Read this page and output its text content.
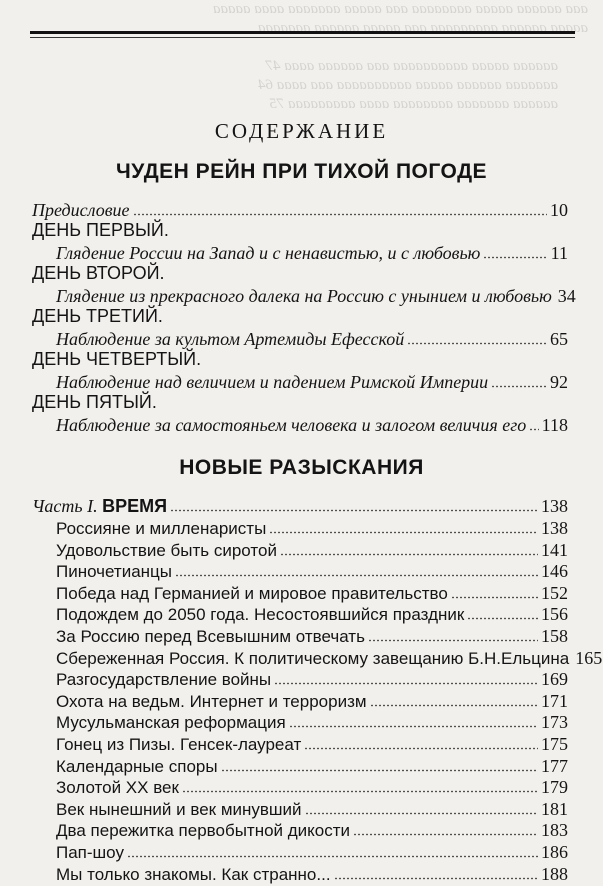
ааа аааааа ааааа аааааааа ааа ааааа ааааааа аааа ааааа
ааааа аааааа ааааааааа ааа ааааа аааааа ааааааа

аааааа ааааа аааааааааа ааа аааааа аааа 47
ааааааа аааааа ааааа аааааааааа ааа аааа 64
аааааа ааааааа аааааааа аааа ааааааааа 75
СОДЕРЖАНИЕ
ЧУДЕН РЕЙН ПРИ ТИХОЙ ПОГОДЕ
Предисловие	10
ДЕНЬ ПЕРВЫЙ.
Глядение России на Запад и с ненавистью, и с любовью	11
ДЕНЬ ВТОРОЙ.
Глядение из прекрасного далека на Россию с унынием и любовью 34
ДЕНЬ ТРЕТИЙ.
Наблюдение за культом Артемиды Ефесской	65
ДЕНЬ ЧЕТВЕРТЫЙ.
Наблюдение над величием и падением Римской Империи	92
ДЕНЬ ПЯТЫЙ.
Наблюдение за самостояньем человека и залогом величия его 118
НОВЫЕ РАЗЫСКАНИЯ
Часть I. ВРЕМЯ	138
Россияне и милленаристы	138
Удовольствие быть сиротой	141
Пиночетианцы	146
Победа над Германией и мировое правительство	152
Подождем до 2050 года. Несостоявшийся праздник	156
За Россию перед Всевышним отвечать	158
Сбереженная Россия. К политическому завещанию Б.Н.Ельцина 165
Разгосударствление войны	169
Охота на ведьм. Интернет и терроризм	171
Мусульманская реформация	173
Гонец из Пизы. Генсек-лауреат	175
Календарные споры	177
Золотой XX век	179
Век нынешний и век минувший	181
Два пережитка первобытной дикости	183
Пап-шоу	186
Мы только знакомы. Как странно...	188
